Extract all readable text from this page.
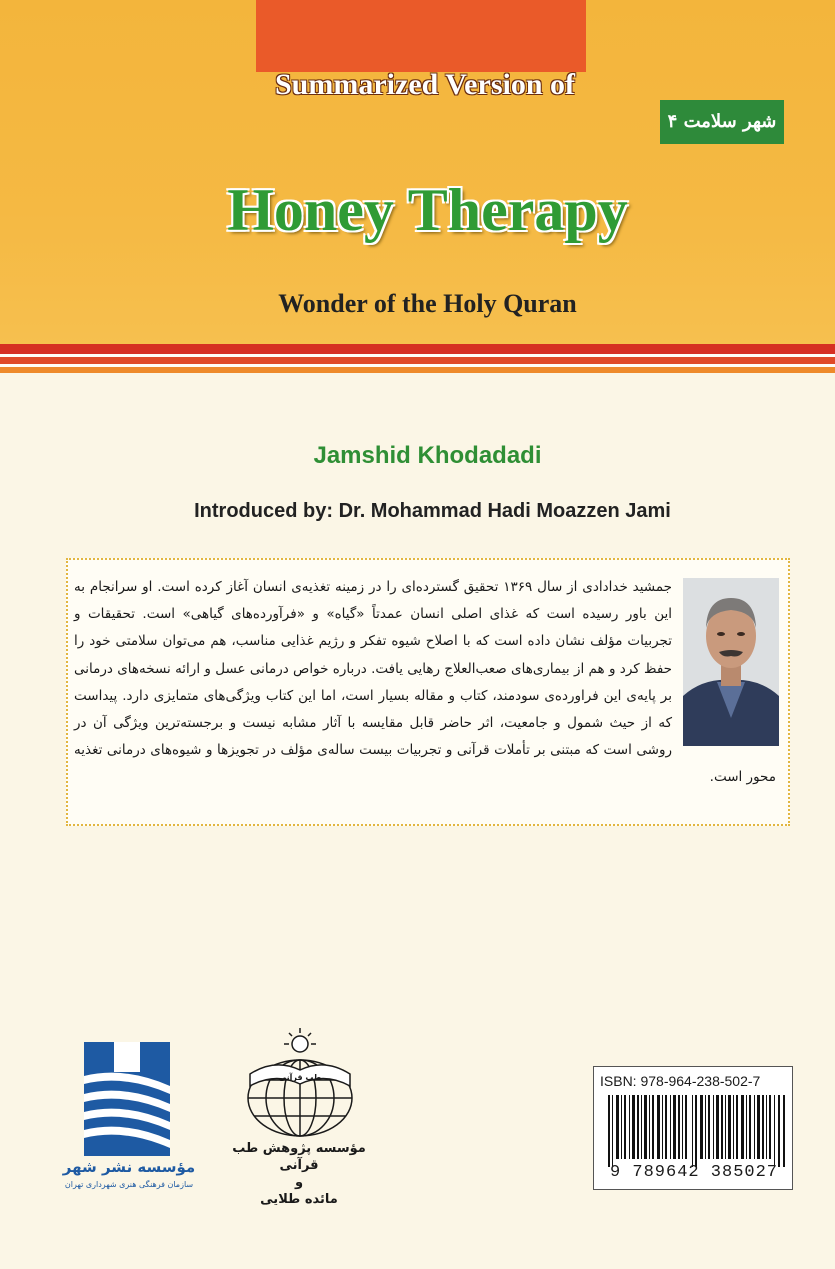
Summarized Version of
شهر سلامت ۴
Honey Therapy
Wonder of the Holy Quran
Jamshid Khodadadi
Introduced by: Dr. Mohammad Hadi Moazzen Jami

جمشید خدادادی از سال ۱۳۶۹ تحقیق گسترده‌ای را در زمینه تغذیه‌ی انسان آغاز کرده است. او سرانجام به این باور رسیده است که غذای اصلی انسان عمدتاً «گیاه» و «فرآورده‌های گیاهی» است. تحقیقات و تجربیات مؤلف نشان داده است که با اصلاح شیوه تفکر و رژیم غذایی مناسب، هم می‌توان سلامتی خود را حفظ کرد و هم از بیماری‌های صعب‌العلاج رهایی یافت. درباره خواص درمانی عسل و ارائه نسخه‌های درمانی بر پایه‌ی این فراورده‌ی سودمند، کتاب و مقاله بسیار است، اما این کتاب ویژگی‌های متمایزی دارد. پیداست که از حیث شمول و جامعیت، اثر حاضر قابل مقایسه با آثار مشابه نیست و برجسته‌ترین ویژگی آن در روشی است که مبتنی بر تأملات قرآنی و تجربیات بیست ساله‌ی مؤلف در تجویزها و شیوه‌های درمانی تغذیه محور است.

مؤسسه نشر شهر
سازمان فرهنگی هنری شهرداری تهران
طب قرآنی
مؤسسه پژوهش طب قرآنی
و
مائده طلایی
ISBN: 978-964-238-502-7
9 789642 385027
